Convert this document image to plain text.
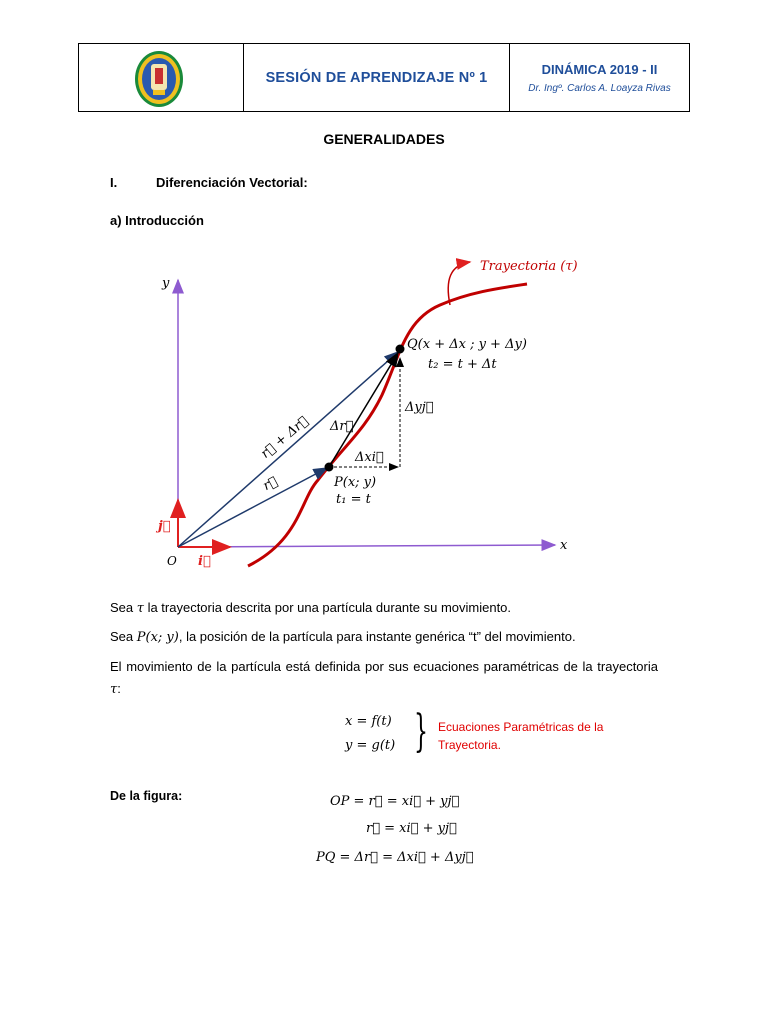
SESIÓN DE APRENDIZAJE Nº 1
DINÁMICA 2019 - II
Dr. Ingº. Carlos A. Loayza Rivas
GENERALIDADES
I.	Diferenciación Vectorial:
a) Introducción
Trayectoria (τ)
y
x
O i⃗
j⃗
Q(x + Δx ; y + Δy)
t₂ = t + Δt
P(x; y)
t₁ = t
r⃗
r⃗ + Δr⃗ Δr⃗
Δxi⃗
Δyj⃗
Sea τ la trayectoria descrita por una partícula durante su movimiento.
Sea P(x; y), la posición de la partícula para instante genérica “t” del movimiento.
El movimiento de la partícula está definida por sus ecuaciones paramétricas de la trayectoria τ:
x = f(t)
y = g(t) } Ecuaciones Paramétricas de la
Trayectoria.
De la figura:	OP = r⃗ = xi⃗ + yj⃗
r⃗ = xi⃗ + yj⃗
PQ = Δr⃗ = Δxi⃗ + Δyj⃗
